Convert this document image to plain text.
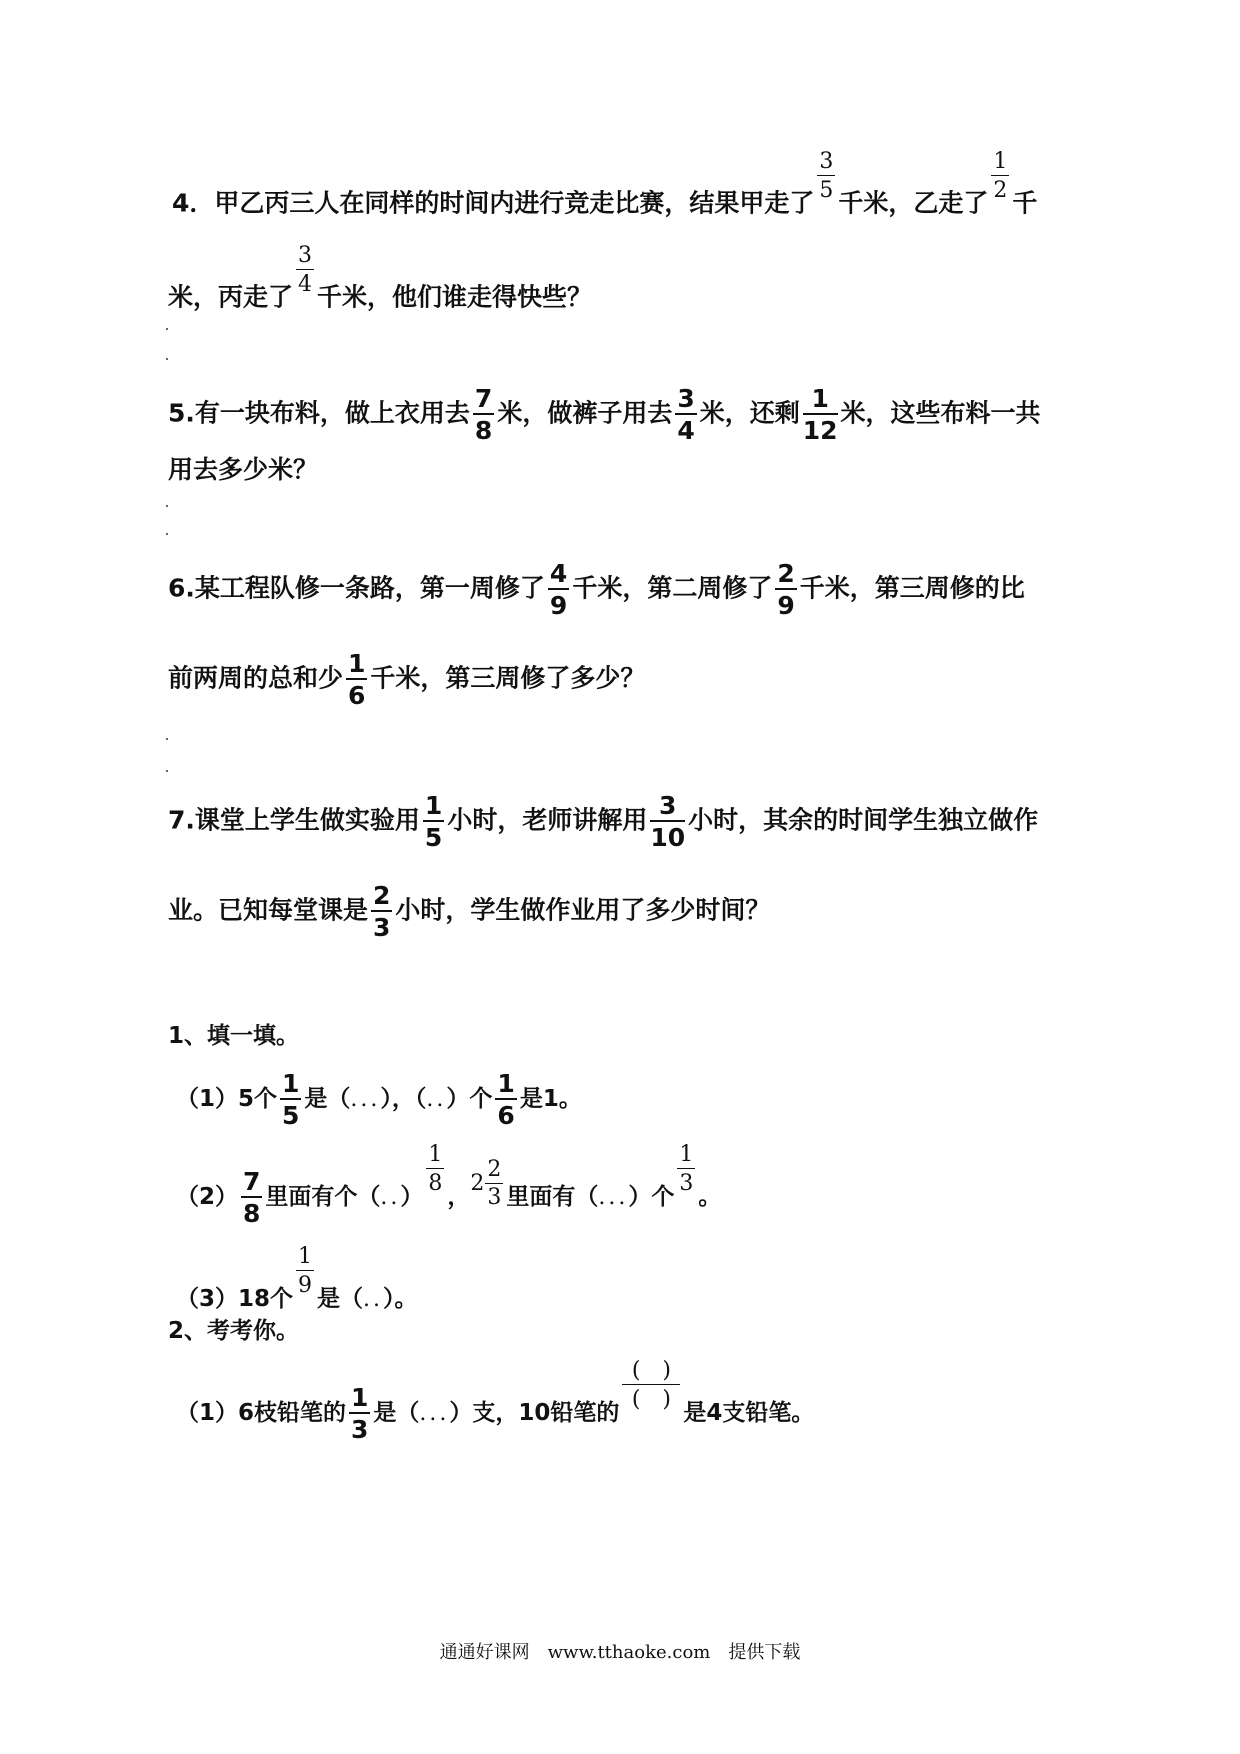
4．甲乙丙三人在同样的时间内进行竞走比赛，结果甲走了
$\frac{3}{5}$
千米，乙走了
$\frac{1}{2}$
千
米，丙走了
$\frac{3}{4}$
千米，他们谁走得快些？
5.有一块布料，做上衣用去 $\frac{7}{8}$ 米，做裤子用去 $\frac{3}{4}$ 米，还剩 $\frac{1}{12}$ 米，这些布料一共
用去多少米？
6.某工程队修一条路，第一周修了 $\frac{4}{9}$ 千米，第二周修了 $\frac{2}{9}$ 千米，第三周修的比
前两周的总和少 $\frac{1}{6}$ 千米，第三周修了多少？
7.课堂上学生做实验用 $\frac{1}{5}$ 小时，老师讲解用 $\frac{3}{10}$ 小时，其余的时间学生独立做作
业。已知每堂课是 $\frac{2}{3}$ 小时，学生做作业用了多少时间？
1、填一填。
（1）5个 $\frac{1}{5}$ 是（...），（..）个 $\frac{1}{6}$ 是1。
$(2) \frac{7}{8}$ 里面有个（..）
$\frac{1}{8}$
，$2 \frac{2}{3}$ 里面有（...）个
$\frac{1}{3}$
。
（3）18个
$\frac{1}{9}$
是（..）。
2、考考你。
（1）6枝铅笔的 $\frac{1}{3}$ 是（...）支，10铅笔的
$\frac{( )}{( )}$
是4支铅笔。
通通好课网　www.tthaoke.com　提供下载
